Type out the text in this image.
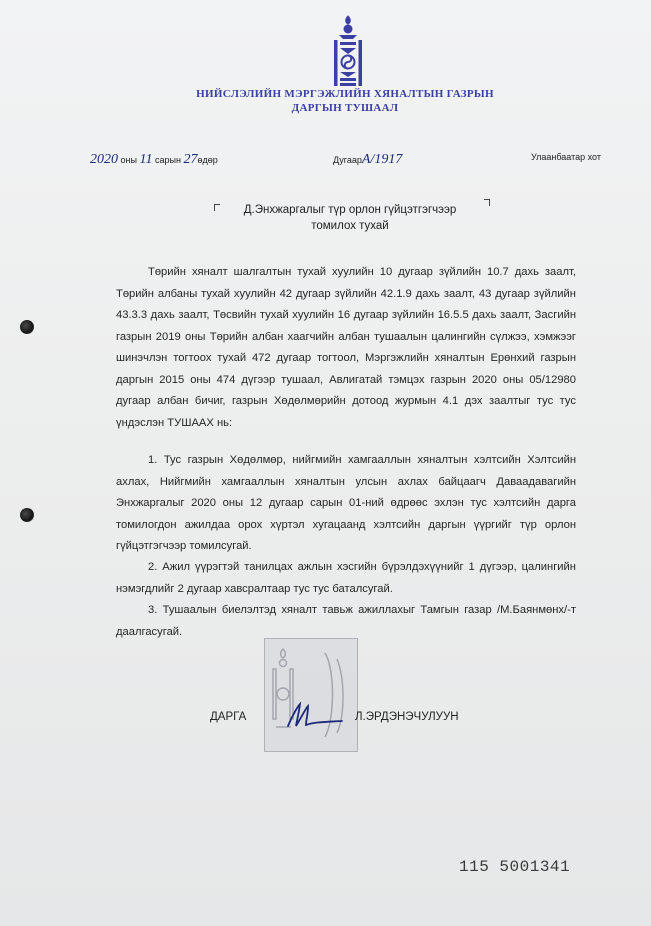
НИЙСЛЭЛИЙН МЭРГЭЖЛИЙН ХЯНАЛТЫН ГАЗРЫН
ДАРГЫН ТУШААЛ
2020 оны 11 сарын 27өдөр	ДугаарА/1917	Улаанбаатар хот
Д.Энхжаргалыг түр орлон гүйцэтгэгчээр
томилох тухай
Төрийн хяналт шалгалтын тухай хуулийн 10 дугаар зүйлийн 10.7 дахь заалт, Төрийн албаны тухай хуулийн 42 дугаар зүйлийн 42.1.9 дахь заалт, 43 дугаар зүйлийн 43.3.3 дахь заалт, Төсвийн тухай хуулийн 16 дугаар зүйлийн 16.5.5 дахь заалт, Засгийн газрын 2019 оны Төрийн албан хаагчийн албан тушаалын цалингийн сүлжээ, хэмжээг шинэчлэн тогтоох тухай 472 дугаар тогтоол, Мэргэжлийн хяналтын Ерөнхий газрын даргын 2015 оны 474 дүгээр тушаал, Авлигатай тэмцэх газрын 2020 оны 05/12980 дугаар албан бичиг, газрын Хөдөлмөрийн дотоод журмын 4.1 дэх заалтыг тус тус үндэслэн ТУШААХ нь:
1. Тус газрын Хөдөлмөр, нийгмийн хамгааллын хяналтын хэлтсийн Хэлтсийн ахлах, Нийгмийн хамгааллын хяналтын улсын ахлах байцаагч Даваадавагийн Энхжаргалыг 2020 оны 12 дугаар сарын 01-ний өдрөөс эхлэн тус хэлтсийн дарга томилогдон ажилдаа орох хүртэл хугацаанд хэлтсийн даргын үүргийг түр орлон гүйцэтгэгчээр томилсугай.
2. Ажил үүрэгтэй танилцах ажлын хэсгийн бүрэлдэхүүнийг 1 дүгээр, цалингийн нэмэгдлийг 2 дугаар хавсралтаар тус тус баталсугай.
3. Тушаалын биелэлтэд хяналт тавьж ажиллахыг Тамгын газар /М.Баянмөнх/-т даалгасугай.
ДАРГА	Л.ЭРДЭНЭЧУЛУУН
115 5001341
